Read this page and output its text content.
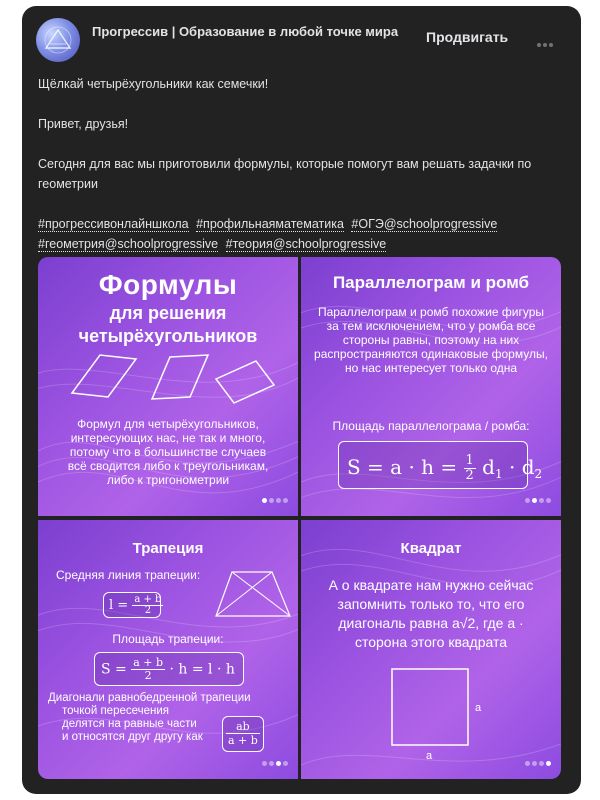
Прогрессив | Образование в любой точке мира Продвигать

Щёлкай четырёхугольники как семечки!

Привет, друзья!

Сегодня для вас мы приготовили формулы, которые помогут вам решать задачки по геометрии

#прогрессивонлайншкола #профильнаяматематика #ОГЭ@schoolprogressive #геометрия@schoolprogressive #теория@schoolprogressive
Формулы
для решения
четырёхугольников
Формул для четырёхугольников, интересующих нас, не так и много, потому что в большинстве случаев всё сводится либо к треугольникам, либо к тригонометрии
Параллелограм и ромб
Параллелограм и ромб похожие фигуры за тем исключением, что у ромба все стороны равны, поэтому на них распространяются одинаковые формулы, но нас интересует только одна
Площадь параллелограма / ромба:
$S = a \cdot h = \frac{1}{2} d_1 \cdot d_2$
Трапеция
Средняя линия трапеции:
$l = \frac{a + b}{2}$
Площадь трапеции:
$S = \frac{a + b}{2} \cdot h = l \cdot h$
Диагонали равнобедренной трапеции
точкой пересечения
делятся на равные части
и относятся друг другу как	$\frac{ab}{a + b}$
Квадрат
А о квадрате нам нужно сейчас запомнить только то, что его диагональ равна a√2, где а · сторона этого квадрата
а
а
